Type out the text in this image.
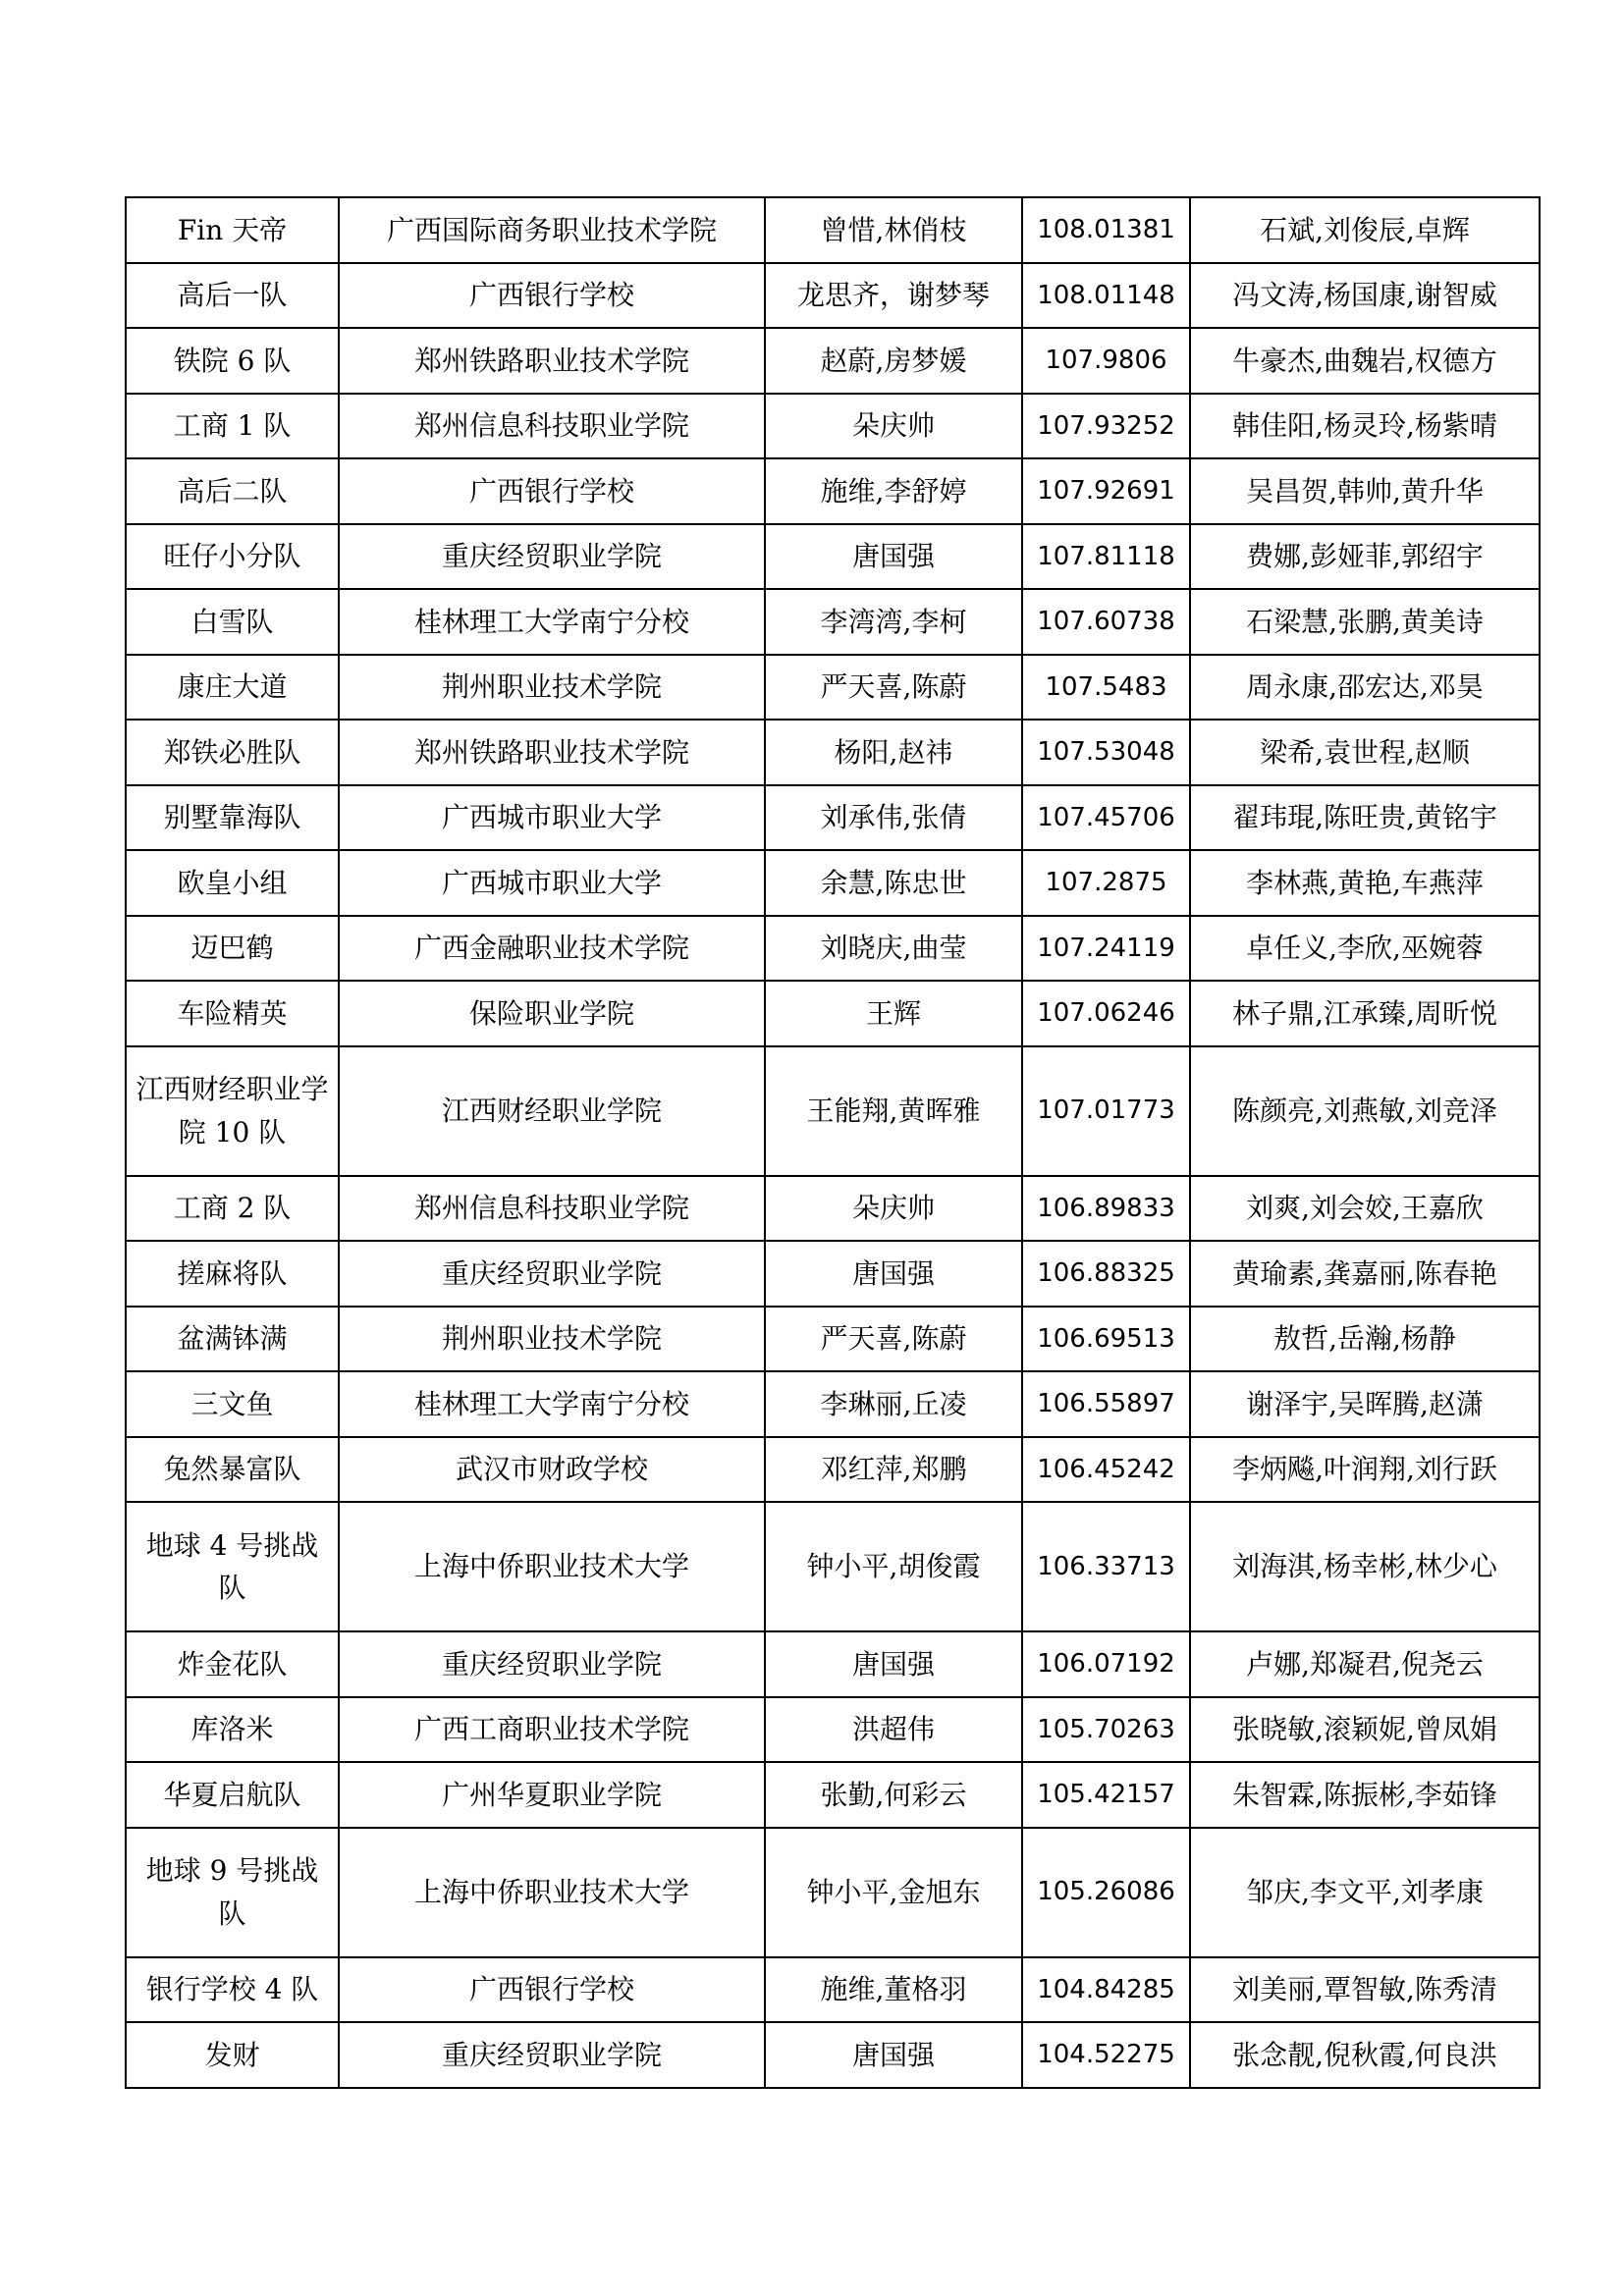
Fin 天帝	广西国际商务职业技术学院	曾惜,林俏枝	108.01381	石斌,刘俊辰,卓辉
高后一队	广西银行学校	龙思齐，谢梦琴	108.01148	冯文涛,杨国康,谢智威
铁院 6 队	郑州铁路职业技术学院	赵蔚,房梦媛	107.9806	牛豪杰,曲魏岩,权德方
工商 1 队	郑州信息科技职业学院	朵庆帅	107.93252	韩佳阳,杨灵玲,杨紫晴
高后二队	广西银行学校	施维,李舒婷	107.92691	吴昌贺,韩帅,黄升华
旺仔小分队	重庆经贸职业学院	唐国强	107.81118	费娜,彭娅菲,郭绍宇
白雪队	桂林理工大学南宁分校	李湾湾,李柯	107.60738	石梁慧,张鹏,黄美诗
康庄大道	荆州职业技术学院	严天喜,陈蔚	107.5483	周永康,邵宏达,邓昊
郑铁必胜队	郑州铁路职业技术学院	杨阳,赵祎	107.53048	梁希,袁世程,赵顺
别墅靠海队	广西城市职业大学	刘承伟,张倩	107.45706	翟玮琨,陈旺贵,黄铭宇
欧皇小组	广西城市职业大学	余慧,陈忠世	107.2875	李林燕,黄艳,车燕萍
迈巴鹤	广西金融职业技术学院	刘晓庆,曲莹	107.24119	卓任义,李欣,巫婉蓉
车险精英	保险职业学院	王辉	107.06246	林子鼎,江承臻,周昕悦
江西财经职业学院 10 队	江西财经职业学院	王能翔,黄晖雅	107.01773	陈颜亮,刘燕敏,刘竞泽
工商 2 队	郑州信息科技职业学院	朵庆帅	106.89833	刘爽,刘会姣,王嘉欣
搓麻将队	重庆经贸职业学院	唐国强	106.88325	黄瑜素,龚嘉丽,陈春艳
盆满钵满	荆州职业技术学院	严天喜,陈蔚	106.69513	敖哲,岳瀚,杨静
三文鱼	桂林理工大学南宁分校	李琳丽,丘凌	106.55897	谢泽宇,吴晖腾,赵潇
兔然暴富队	武汉市财政学校	邓红萍,郑鹏	106.45242	李炳飚,叶润翔,刘行跃
地球 4 号挑战队	上海中侨职业技术大学	钟小平,胡俊霞	106.33713	刘海淇,杨幸彬,林少心
炸金花队	重庆经贸职业学院	唐国强	106.07192	卢娜,郑凝君,倪尧云
库洛米	广西工商职业技术学院	洪超伟	105.70263	张晓敏,滚颖妮,曾凤娟
华夏启航队	广州华夏职业学院	张勤,何彩云	105.42157	朱智霖,陈振彬,李茹锋
地球 9 号挑战队	上海中侨职业技术大学	钟小平,金旭东	105.26086	邹庆,李文平,刘孝康
银行学校 4 队	广西银行学校	施维,董格羽	104.84285	刘美丽,覃智敏,陈秀清
发财	重庆经贸职业学院	唐国强	104.52275	张念靓,倪秋霞,何良洪
